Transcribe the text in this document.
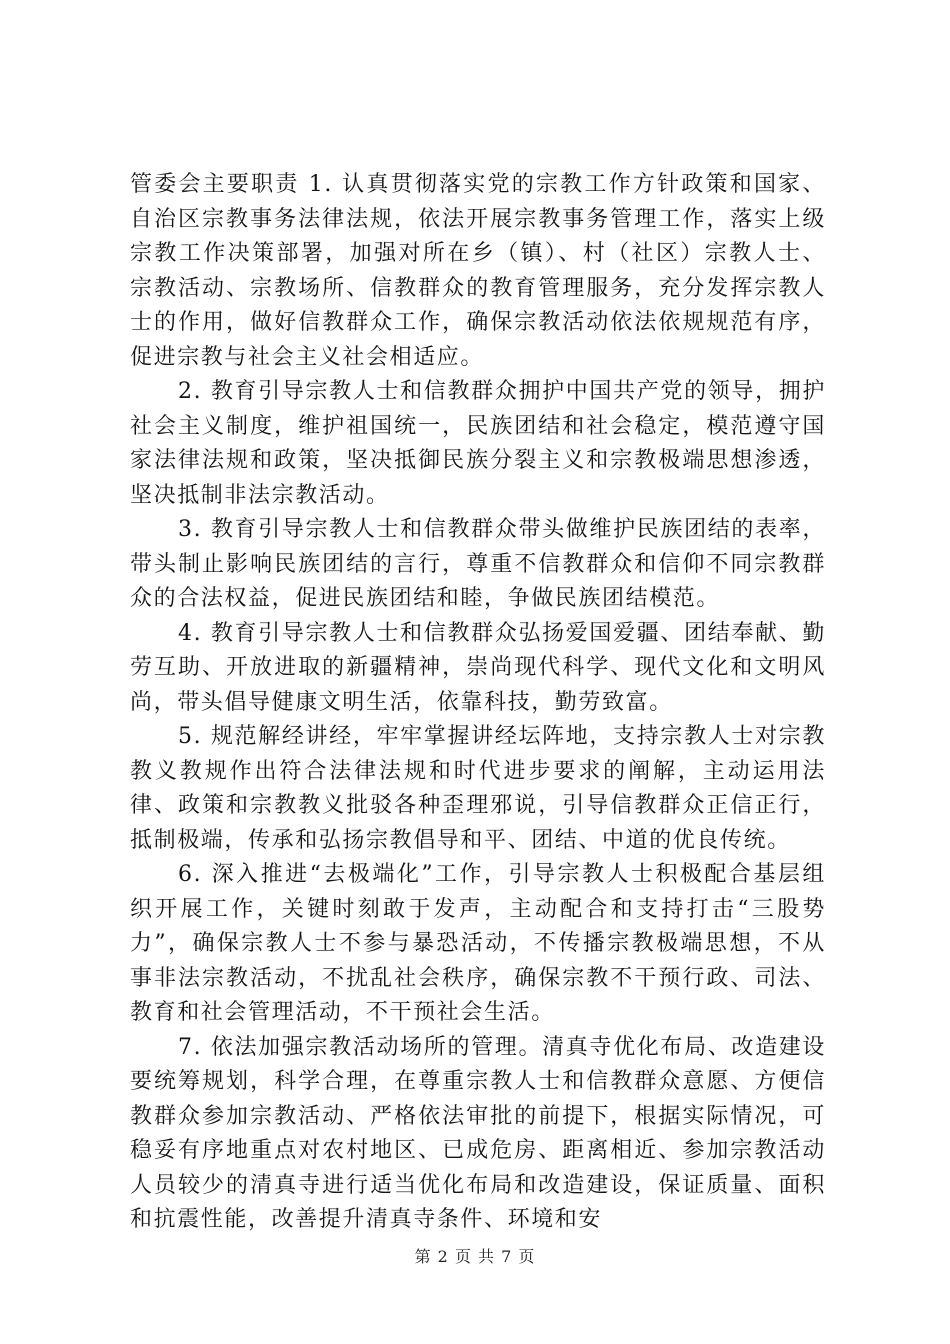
管委会主要职责 1. 认真贯彻落实党的宗教工作方针政策和国家、自治区宗教事务法律法规，依法开展宗教事务管理工作，落实上级宗教工作决策部署，加强对所在乡（镇）、村（社区）宗教人士、宗教活动、宗教场所、信教群众的教育管理服务，充分发挥宗教人士的作用，做好信教群众工作，确保宗教活动依法依规规范有序，促进宗教与社会主义社会相适应。

2. 教育引导宗教人士和信教群众拥护中国共产党的领导，拥护社会主义制度，维护祖国统一，民族团结和社会稳定，模范遵守国家法律法规和政策，坚决抵御民族分裂主义和宗教极端思想渗透，坚决抵制非法宗教活动。

3. 教育引导宗教人士和信教群众带头做维护民族团结的表率，带头制止影响民族团结的言行，尊重不信教群众和信仰不同宗教群众的合法权益，促进民族团结和睦，争做民族团结模范。

4. 教育引导宗教人士和信教群众弘扬爱国爱疆、团结奉献、勤劳互助、开放进取的新疆精神，崇尚现代科学、现代文化和文明风尚，带头倡导健康文明生活，依靠科技，勤劳致富。

5. 规范解经讲经，牢牢掌握讲经坛阵地，支持宗教人士对宗教教义教规作出符合法律法规和时代进步要求的阐解，主动运用法律、政策和宗教教义批驳各种歪理邪说，引导信教群众正信正行，抵制极端，传承和弘扬宗教倡导和平、团结、中道的优良传统。

6. 深入推进“去极端化”工作，引导宗教人士积极配合基层组织开展工作，关键时刻敢于发声，主动配合和支持打击“三股势力”，确保宗教人士不参与暴恐活动，不传播宗教极端思想，不从事非法宗教活动，不扰乱社会秩序，确保宗教不干预行政、司法、教育和社会管理活动，不干预社会生活。

7. 依法加强宗教活动场所的管理。清真寺优化布局、改造建设要统筹规划，科学合理，在尊重宗教人士和信教群众意愿、方便信教群众参加宗教活动、严格依法审批的前提下，根据实际情况，可稳妥有序地重点对农村地区、已成危房、距离相近、参加宗教活动人员较少的清真寺进行适当优化布局和改造建设，保证质量、面积和抗震性能，改善提升清真寺条件、环境和安

第 2 页 共 7 页
